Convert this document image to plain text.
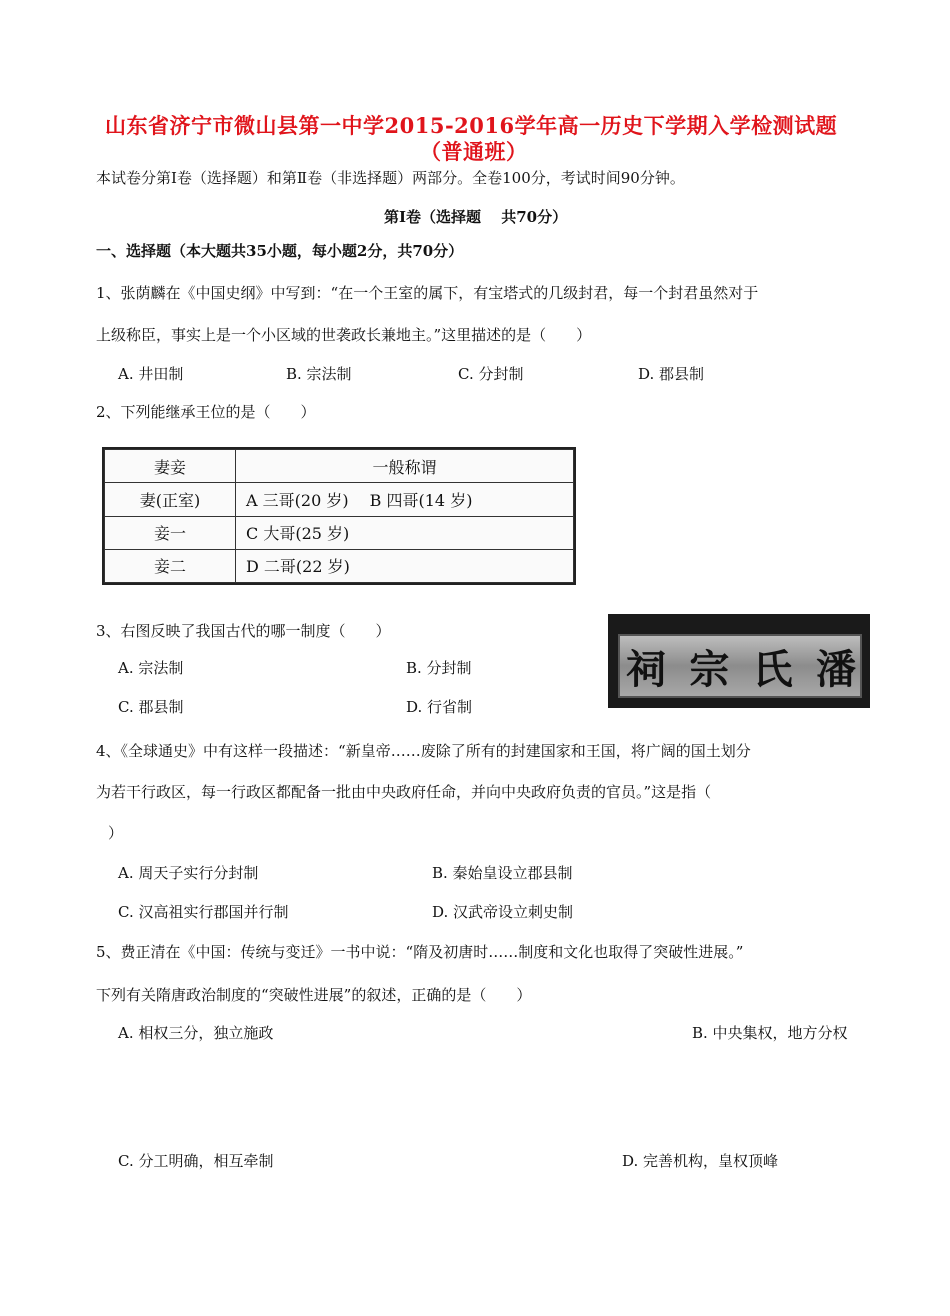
山东省济宁市微山县第一中学2015-2016学年高一历史下学期入学检测试题
（普通班）
本试卷分第Ⅰ卷（选择题）和第Ⅱ卷（非选择题）两部分。全卷100分，考试时间90分钟。
第Ⅰ卷（选择题　 共70分）
一、选择题（本大题共35小题，每小题2分，共70分）
1、张荫麟在《中国史纲》中写到：“在一个王室的属下，有宝塔式的几级封君，每一个封君虽然对于
上级称臣，事实上是一个小区域的世袭政长兼地主。”这里描述的是（　　）
A. 井田制	B. 宗法制	C. 分封制	D. 郡县制
2、下列能继承王位的是（　　）
妻妾	一般称谓
妻(正室)	A 三哥(20 岁)　 B 四哥(14 岁)
妾一	C 大哥(25 岁)
妾二	D 二哥(22 岁)
3、右图反映了我国古代的哪一制度（　　）
A. 宗法制	B. 分封制
C. 郡县制	D. 行省制
祠 宗 氏 潘
4、《全球通史》中有这样一段描述：“新皇帝……废除了所有的封建国家和王国，将广阔的国土划分
为若干行政区，每一行政区都配备一批由中央政府任命，并向中央政府负责的官员。”这是指（
）
A. 周天子实行分封制	B. 秦始皇设立郡县制
C. 汉高祖实行郡国并行制	D. 汉武帝设立刺史制
5、费正清在《中国：传统与变迁》一书中说：“隋及初唐时……制度和文化也取得了突破性进展。”
下列有关隋唐政治制度的“突破性进展”的叙述，正确的是（　　）
A. 相权三分，独立施政	B. 中央集权，地方分权
C. 分工明确，相互牵制	D. 完善机构，皇权顶峰
